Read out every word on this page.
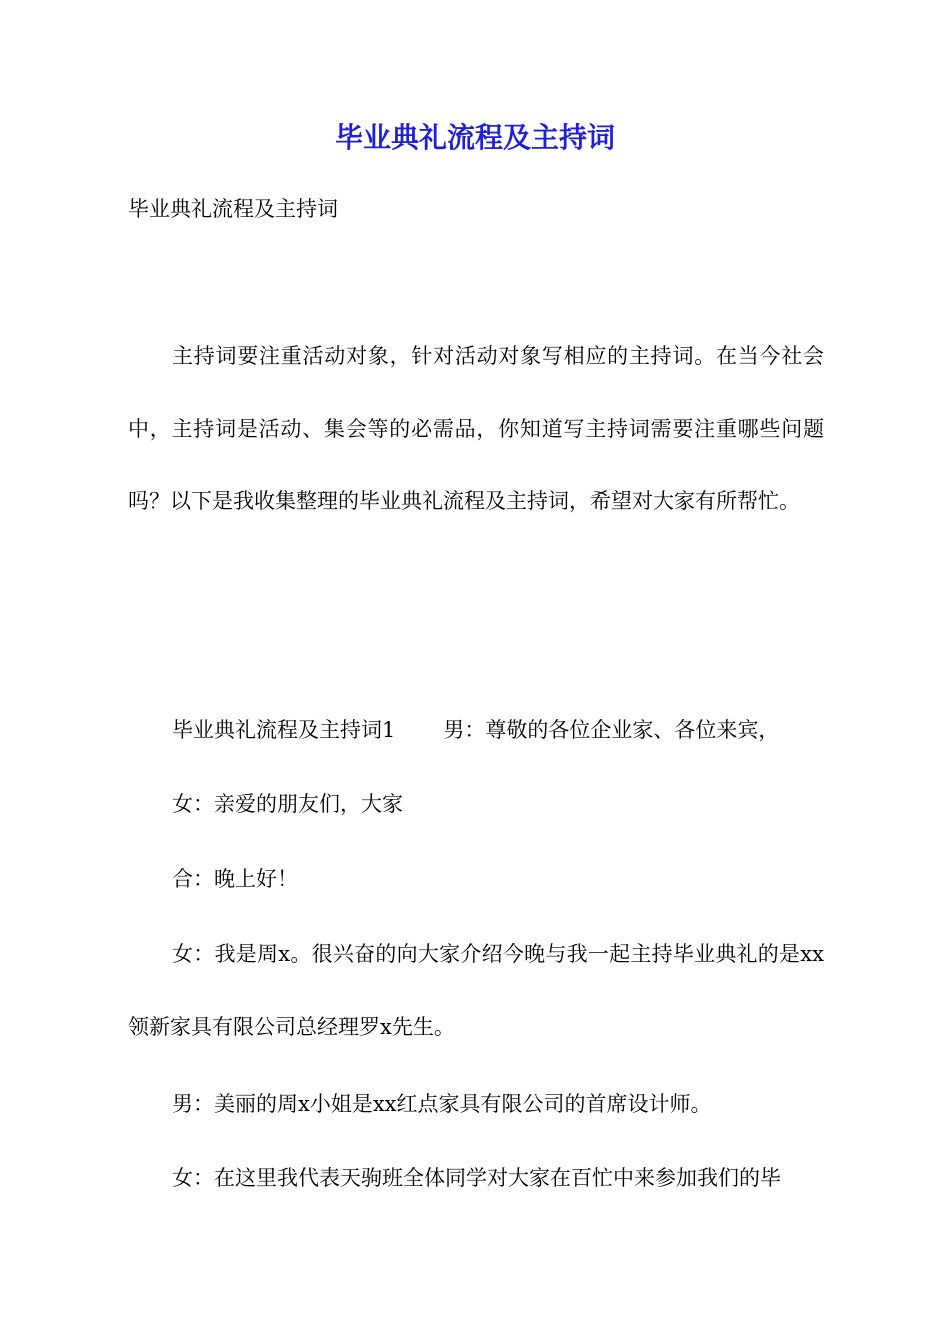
毕业典礼流程及主持词
毕业典礼流程及主持词

主持词要注重活动对象，针对活动对象写相应的主持词。在当今社会中，主持词是活动、集会等的必需品，你知道写主持词需要注重哪些问题吗？以下是我收集整理的毕业典礼流程及主持词，希望对大家有所帮忙。

毕业典礼流程及主持词1 男：尊敬的各位企业家、各位来宾，
女：亲爱的朋友们，大家
合：晚上好！

女：我是周x。很兴奋的向大家介绍今晚与我一起主持毕业典礼的是xx领新家具有限公司总经理罗x先生。

男：美丽的周x小姐是xx红点家具有限公司的首席设计师。
女：在这里我代表天驹班全体同学对大家在百忙中来参加我们的毕
